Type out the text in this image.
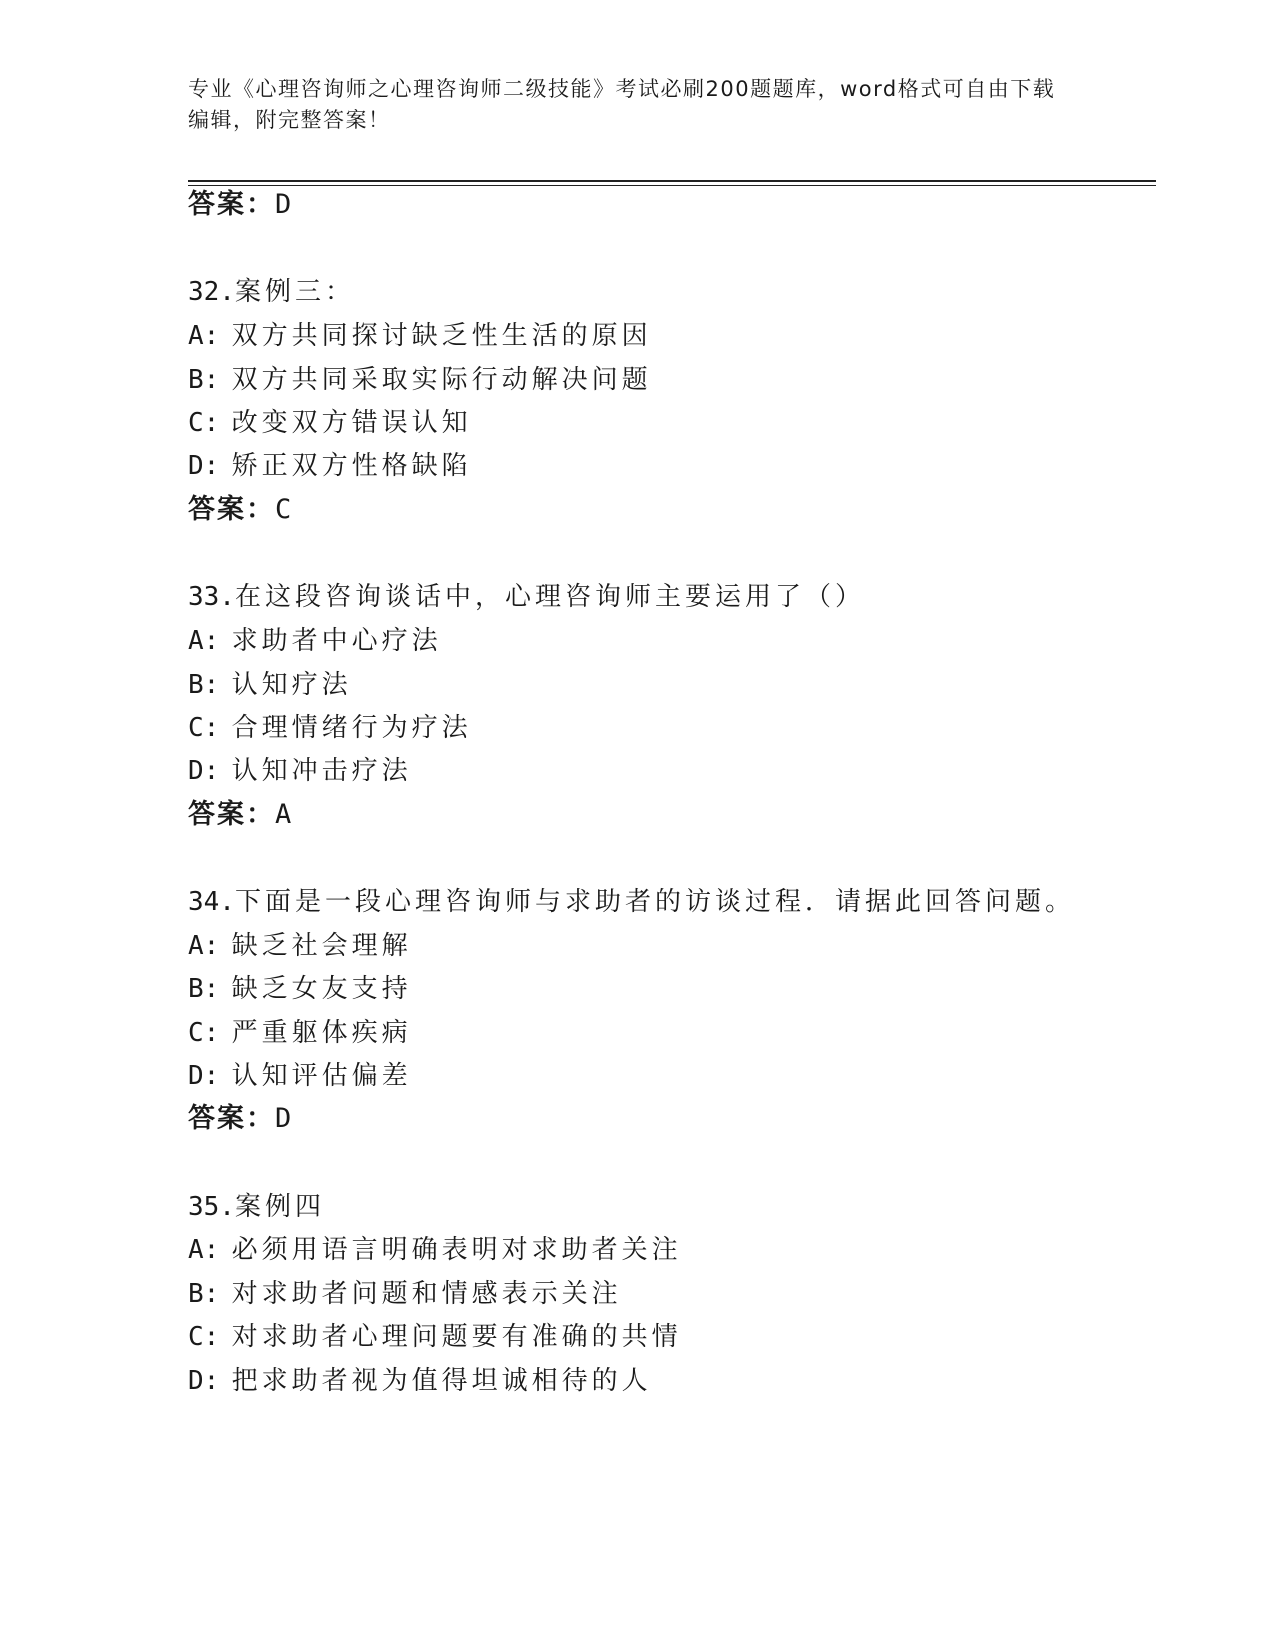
专业《心理咨询师之心理咨询师二级技能》考试必刷200题题库，word格式可自由下载编辑，附完整答案！
答案：D
32.案例三：
A: 双方共同探讨缺乏性生活的原因
B: 双方共同采取实际行动解决问题
C: 改变双方错误认知
D: 矫正双方性格缺陷
答案：C
33.在这段咨询谈话中，心理咨询师主要运用了（）
A: 求助者中心疗法
B: 认知疗法
C: 合理情绪行为疗法
D: 认知冲击疗法
答案：A
34.下面是一段心理咨询师与求助者的访谈过程．请据此回答问题。
A: 缺乏社会理解
B: 缺乏女友支持
C: 严重躯体疾病
D: 认知评估偏差
答案：D
35.案例四
A: 必须用语言明确表明对求助者关注
B: 对求助者问题和情感表示关注
C: 对求助者心理问题要有准确的共情
D: 把求助者视为值得坦诚相待的人
